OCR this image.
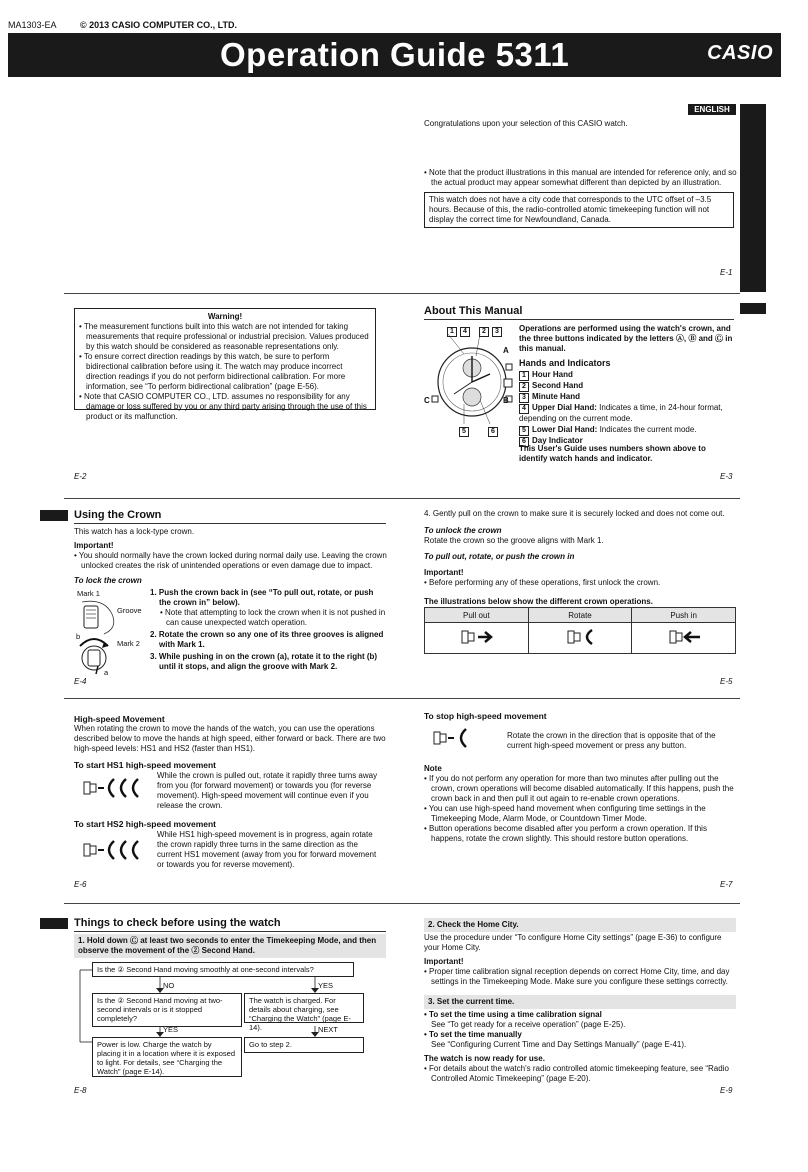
MA1303-EA	© 2013 CASIO COMPUTER CO., LTD.
Operation Guide 5311	CASIO
ENGLISH
Congratulations upon your selection of this CASIO watch.
• Note that the product illustrations in this manual are intended for reference only, and so the actual product may appear somewhat different than depicted by an illustration.
This watch does not have a city code that corresponds to the UTC offset of –3.5 hours. Because of this, the radio-controlled atomic timekeeping function will not display the correct time for Newfoundland, Canada.
E-1
Warning!
• The measurement functions built into this watch are not intended for taking measurements that require professional or industrial precision. Values produced by this watch should be considered as reasonable representations only.
• To ensure correct direction readings by this watch, be sure to perform bidirectional calibration before using it. The watch may produce incorrect direction readings if you do not perform bidirectional calibration. For more information, see “To perform bidirectional calibration” (page E-56).
• Note that CASIO COMPUTER CO., LTD. assumes no responsibility for any damage or loss suffered by you or any third party arising through the use of this product or its malfunction.
E-2
About This Manual
1 4 2 3
A
B
C
5	6
Operations are performed using the watch's crown, and the three buttons indicated by the letters Ⓐ, Ⓑ and Ⓒ in this manual.
Hands and Indicators
1 Hour Hand
2 Second Hand
3 Minute Hand
4 Upper Dial Hand: Indicates a time, in 24-hour format, depending on the current mode.
5 Lower Dial Hand: Indicates the current mode.
6 Day Indicator
This User's Guide uses numbers shown above to identify watch hands and indicator.
E-3
Using the Crown
This watch has a lock-type crown.
Important!
• You should normally have the crown locked during normal daily use. Leaving the crown unlocked creates the risk of unintended operations or even damage due to impact.
To lock the crown
Mark 1
Groove
Mark 2
b
a
1. Push the crown back in (see “To pull out, rotate, or push the crown in” below).
• Note that attempting to lock the crown when it is not pushed in can cause unexpected watch operation.
2. Rotate the crown so any one of its three grooves is aligned with Mark 1.
3. While pushing in on the crown (a), rotate it to the right (b) until it stops, and align the groove with Mark 2.
E-4
4. Gently pull on the crown to make sure it is securely locked and does not come out.
To unlock the crown
Rotate the crown so the groove aligns with Mark 1.
To pull out, rotate, or push the crown in
Important!
• Before performing any of these operations, first unlock the crown.
The illustrations below show the different crown operations.
Pull out	Rotate	Push in

E-5
High-speed Movement
When rotating the crown to move the hands of the watch, you can use the operations described below to move the hands at high speed, either forward or back. There are two high-speed levels: HS1 and HS2 (faster than HS1).
To start HS1 high-speed movement
While the crown is pulled out, rotate it rapidly three turns away from you (for forward movement) or towards you (for reverse movement). High-speed movement will continue even if you release the crown.
To start HS2 high-speed movement
While HS1 high-speed movement is in progress, again rotate the crown rapidly three turns in the same direction as the current HS1 movement (away from you for forward movement or towards you for reverse movement).
E-6
To stop high-speed movement
Rotate the crown in the direction that is opposite that of the current high-speed movement or press any button.
Note
• If you do not perform any operation for more than two minutes after pulling out the crown, crown operations will become disabled automatically. If this happens, push the crown back in and then pull it out again to re-enable crown operations.
• You can use high-speed hand movement when configuring time settings in the Timekeeping Mode, Alarm Mode, or Countdown Timer Mode.
• Button operations become disabled after you perform a crown operation. If this happens, rotate the crown slightly. This should restore button operations.
E-7
Things to check before using the watch
1. Hold down Ⓒ at least two seconds to enter the Timekeeping Mode, and then observe the movement of the ② Second Hand.
Is the ② Second Hand moving smoothly at one-second intervals?
NO	YES
Is the ② Second Hand moving at two-second intervals or is it stopped completely?
The watch is charged. For details about charging, see “Charging the Watch” (page E-14).
YES	NEXT
Power is low. Charge the watch by placing it in a location where it is exposed to light. For details, see “Charging the Watch” (page E-14).
Go to step 2.
E-8
2. Check the Home City.
Use the procedure under “To configure Home City settings” (page E-36) to configure your Home City.
Important!
• Proper time calibration signal reception depends on correct Home City, time, and day settings in the Timekeeping Mode. Make sure you configure these settings correctly.
3. Set the current time.
• To set the time using a time calibration signal
See “To get ready for a receive operation” (page E-25).
• To set the time manually
See “Configuring Current Time and Day Settings Manually” (page E-41).
The watch is now ready for use.
• For details about the watch's radio controlled atomic timekeeping feature, see “Radio Controlled Atomic Timekeeping” (page E-20).
E-9
